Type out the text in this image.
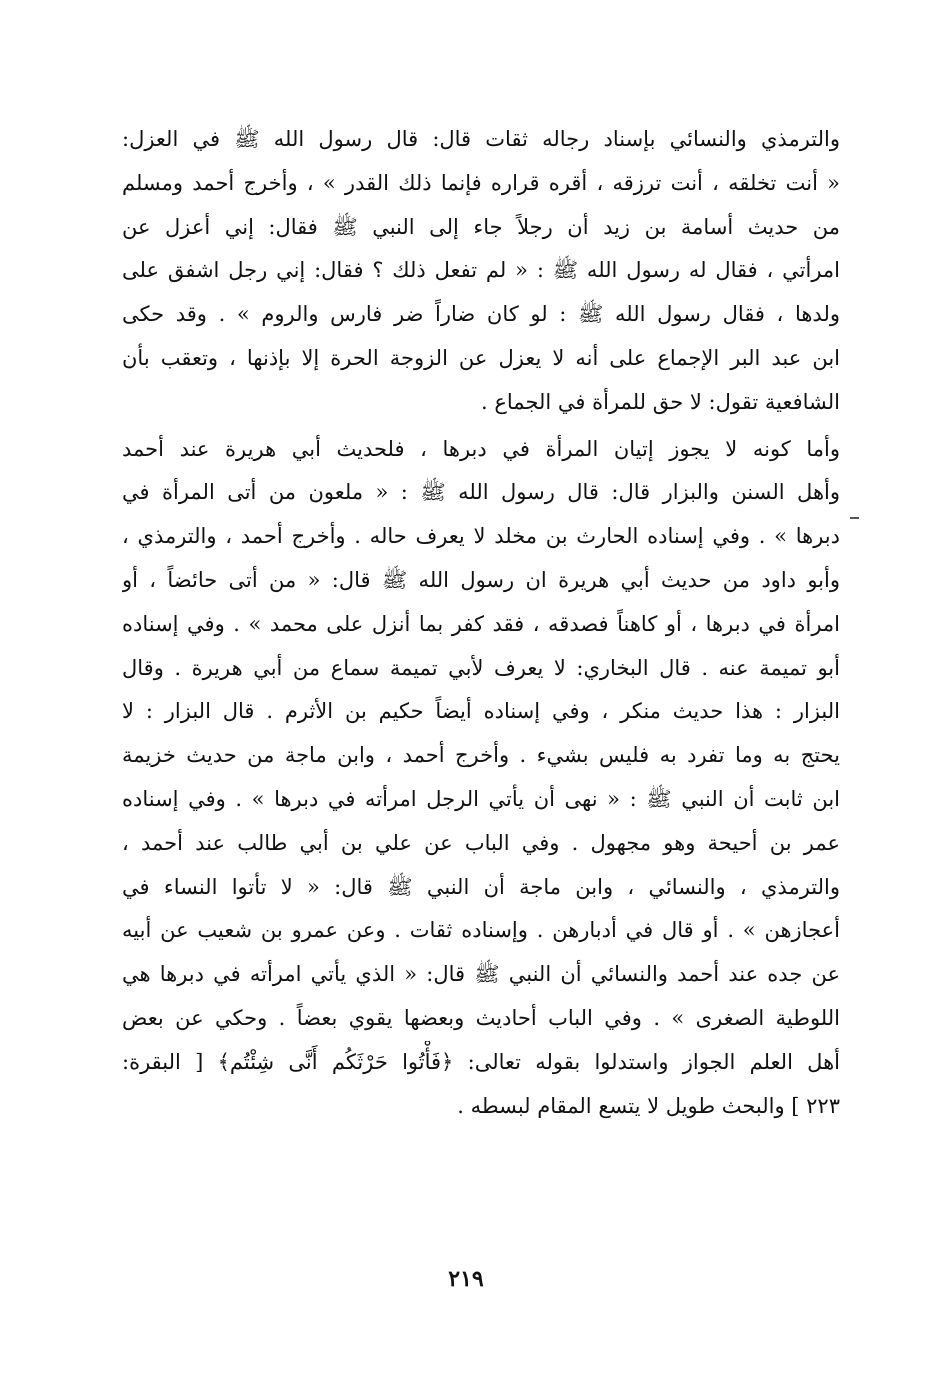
والترمذي والنسائي بإسناد رجاله ثقات قال: قال رسول الله ﷺ في العزل:
« أنت تخلقه ، أنت ترزقه ، أقره قراره فإنما ذلك القدر » ، وأخرج أحمد ومسلم
من حديث أسامة بن زيد أن رجلاً جاء إلى النبي ﷺ فقال: إني أعزل عن
امرأتي ، فقال له رسول الله ﷺ : « لم تفعل ذلك ؟ فقال: إني رجل اشفق على
ولدها ، فقال رسول الله ﷺ : لو كان ضاراً ضر فارس والروم » . وقد حكى
ابن عبد البر الإجماع على أنه لا يعزل عن الزوجة الحرة إلا بإذنها ، وتعقب بأن
الشافعية تقول: لا حق للمرأة في الجماع .
وأما كونه لا يجوز إتيان المرأة في دبرها ، فلحديث أبي هريرة عند أحمد
وأهل السنن والبزار قال: قال رسول الله ﷺ : « ملعون من أتى المرأة في
دبرها » . وفي إسناده الحارث بن مخلد لا يعرف حاله . وأخرج أحمد ، والترمذي ،
وأبو داود من حديث أبي هريرة ان رسول الله ﷺ قال: « من أتى حائضاً ، أو
امرأة في دبرها ، أو كاهناً فصدقه ، فقد كفر بما أنزل على محمد » . وفي إسناده
أبو تميمة عنه . قال البخاري: لا يعرف لأبي تميمة سماع من أبي هريرة . وقال
البزار : هذا حديث منكر ، وفي إسناده أيضاً حكيم بن الأثرم . قال البزار : لا
يحتج به وما تفرد به فليس بشيء . وأخرج أحمد ، وابن ماجة من حديث خزيمة
ابن ثابت أن النبي ﷺ : « نهى أن يأتي الرجل امرأته في دبرها » . وفي إسناده
عمر بن أحيحة وهو مجهول . وفي الباب عن علي بن أبي طالب عند أحمد ،
والترمذي ، والنسائي ، وابن ماجة أن النبي ﷺ قال: « لا تأتوا النساء في
أعجازهن » . أو قال في أدبارهن . وإسناده ثقات . وعن عمرو بن شعيب عن أبيه
عن جده عند أحمد والنسائي أن النبي ﷺ قال: « الذي يأتي امرأته في دبرها هي
اللوطية الصغرى » . وفي الباب أحاديث وبعضها يقوي بعضاً . وحكي عن بعض
أهل العلم الجواز واستدلوا بقوله تعالى: ﴿فَأْتُوا حَرْثَكُم أَنَّى شِئْتُم﴾ [ البقرة:
٢٢٣ ] والبحث طويل لا يتسع المقام لبسطه .
٢١٩
